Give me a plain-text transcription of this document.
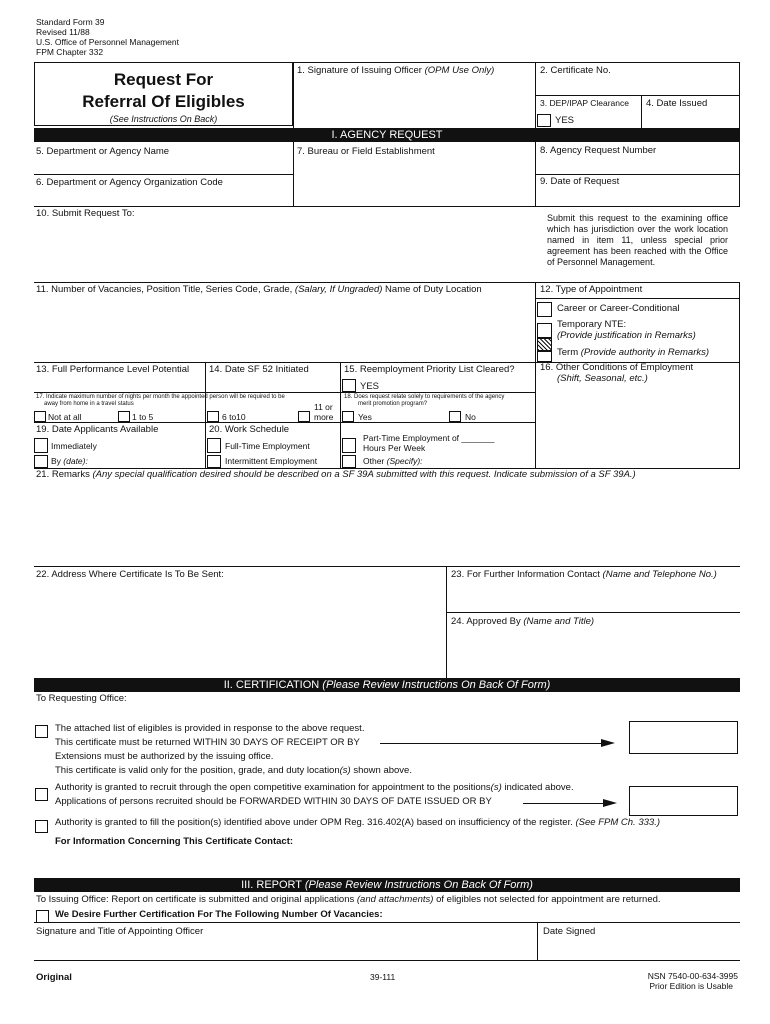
Standard Form 39
Revised 11/88
U.S. Office of Personnel Management
FPM Chapter 332
Request For
Referral Of Eligibles
(See Instructions On Back)
1. Signature of Issuing Officer (OPM Use Only)	2. Certificate No.
3. DEP/IPAP Clearance
YES
4. Date Issued
I. AGENCY REQUEST
5. Department or Agency Name
6. Department or Agency Organization Code
7. Bureau or Field Establishment	8. Agency Request Number
9. Date of Request
10. Submit Request To:	Submit this request to the examining office which has jurisdiction over the work location named in item 11, unless special prior agreement has been reached with the Office of Personnel Management.
11. Number of Vacancies, Position Title, Series Code, Grade, (Salary, If Ungraded) Name of Duty Location	12. Type of Appointment
Career or Career-Conditional
Temporary NTE:
(Provide justification in Remarks)
Term (Provide authority in Remarks)
13. Full Performance Level Potential 14. Date SF 52 Initiated	15. Reemployment Priority List Cleared?
YES
16. Other Conditions of Employment
(Shift, Seasonal, etc.)
17. Indicate maximum number of nights per month the appointed person will be required to be
away from home in a travel status
Not at all	1 to 5	6 to10
11 or
more
18. Does request relate solely to requirements of the agency
merit promotion program?
Yes	No
19. Date Applicants Available
Immediately
By (date):
20. Work Schedule
Full-Time Employment
Intermittent Employment
Part-Time Employment of _______
Hours Per Week
Other (Specify):
21. Remarks (Any special qualification desired should be described on a SF 39A submitted with this request. Indicate submission of a SF 39A.)
22. Address Where Certificate Is To Be Sent:	23. For Further Information Contact (Name and Telephone No.)
24. Approved By (Name and Title)
II. CERTIFICATION (Please Review Instructions On Back Of Form)
To Requesting Office:
The attached list of eligibles is provided in response to the above request.
This certificate must be returned WITHIN 30 DAYS OF RECEIPT OR BY
Extensions must be authorized by the issuing office.
This certificate is valid only for the position, grade, and duty location(s) shown above.
Authority is granted to recruit through the open competitive examination for appointment to the positions(s) indicated above.
Applications of persons recruited should be FORWARDED WITHIN 30 DAYS OF DATE ISSUED OR BY
Authority is granted to fill the position(s) identified above under OPM Reg. 316.402(A) based on insufficiency of the register. (See FPM Ch. 333.)
For Information Concerning This Certificate Contact:
III. REPORT (Please Review Instructions On Back Of Form)
To Issuing Office: Report on certificate is submitted and original applications (and attachments) of eligibles not selected for appointment are returned.
We Desire Further Certification For The Following Number Of Vacancies:
Signature and Title of Appointing Officer	Date Signed
Original	39-111	NSN 7540-00-634-3995
Prior Edition is Usable
